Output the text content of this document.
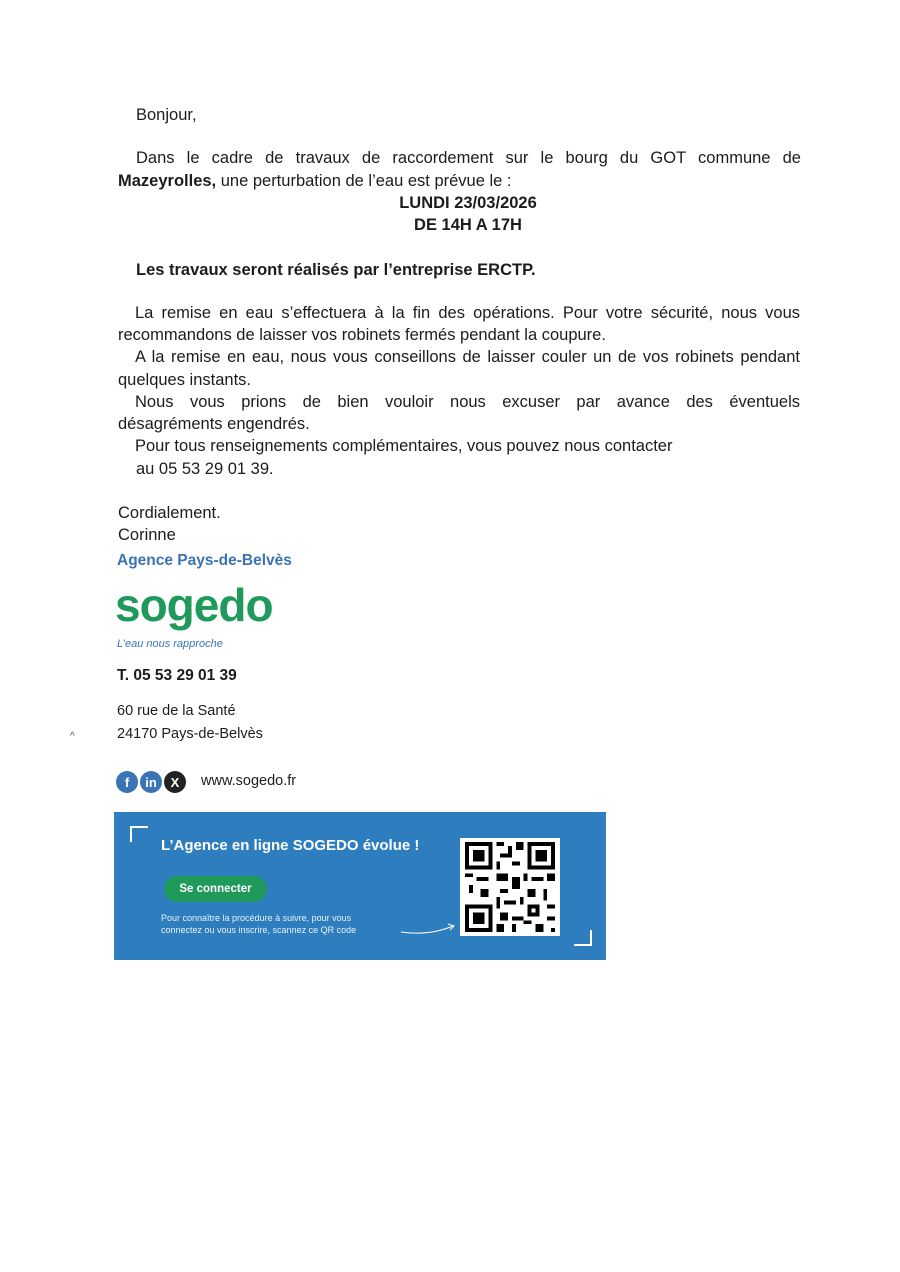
Bonjour,
Dans le cadre de travaux de raccordement sur le bourg du GOT commune de
Mazeyrolles, une perturbation de l’eau est prévue le :
LUNDI 23/03/2026
DE 14H A 17H
Les travaux seront réalisés par l’entreprise ERCTP.
La remise en eau s’effectuera à la fin des opérations. Pour votre sécurité, nous vous
recommandons de laisser vos robinets fermés pendant la coupure.
A la remise en eau, nous vous conseillons de laisser couler un de vos robinets pendant
quelques instants.
Nous vous prions de bien vouloir nous excuser par avance des éventuels
désagréments engendrés.
Pour tous renseignements complémentaires, vous pouvez nous contacter
au 05 53 29 01 39.
Cordialement.
Corinne
Agence Pays-de-Belvès
sogedo
L’eau nous rapproche
T. 05 53 29 01 39
60 rue de la Santé
24170 Pays-de-Belvès
^
f	in	X	www.sogedo.fr
L’Agence en ligne SOGEDO évolue !
Se connecter
Pour connaître la procédure à suivre, pour vous
connectez ou vous inscrire, scannez ce QR code
